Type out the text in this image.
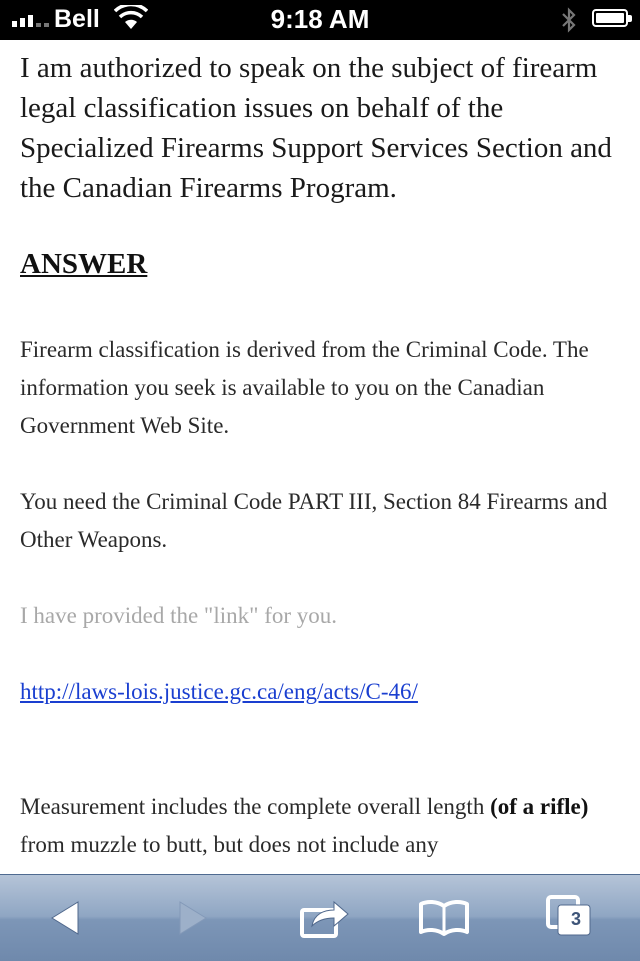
Bell	9:18 AM

I am authorized to speak on the subject of firearm legal classification issues on behalf of the Specialized Firearms Support Services Section and the Canadian Firearms Program.

ANSWER

Firearm classification is derived from the Criminal Code. The information you seek is available to you on the Canadian Government Web Site.

You need the Criminal Code PART III, Section 84 Firearms and Other Weapons.

I have provided the "link" for you.

http://laws-lois.justice.gc.ca/eng/acts/C-46/

Measurement includes the complete overall length (of a rifle) from muzzle to butt, but does not include any

3
